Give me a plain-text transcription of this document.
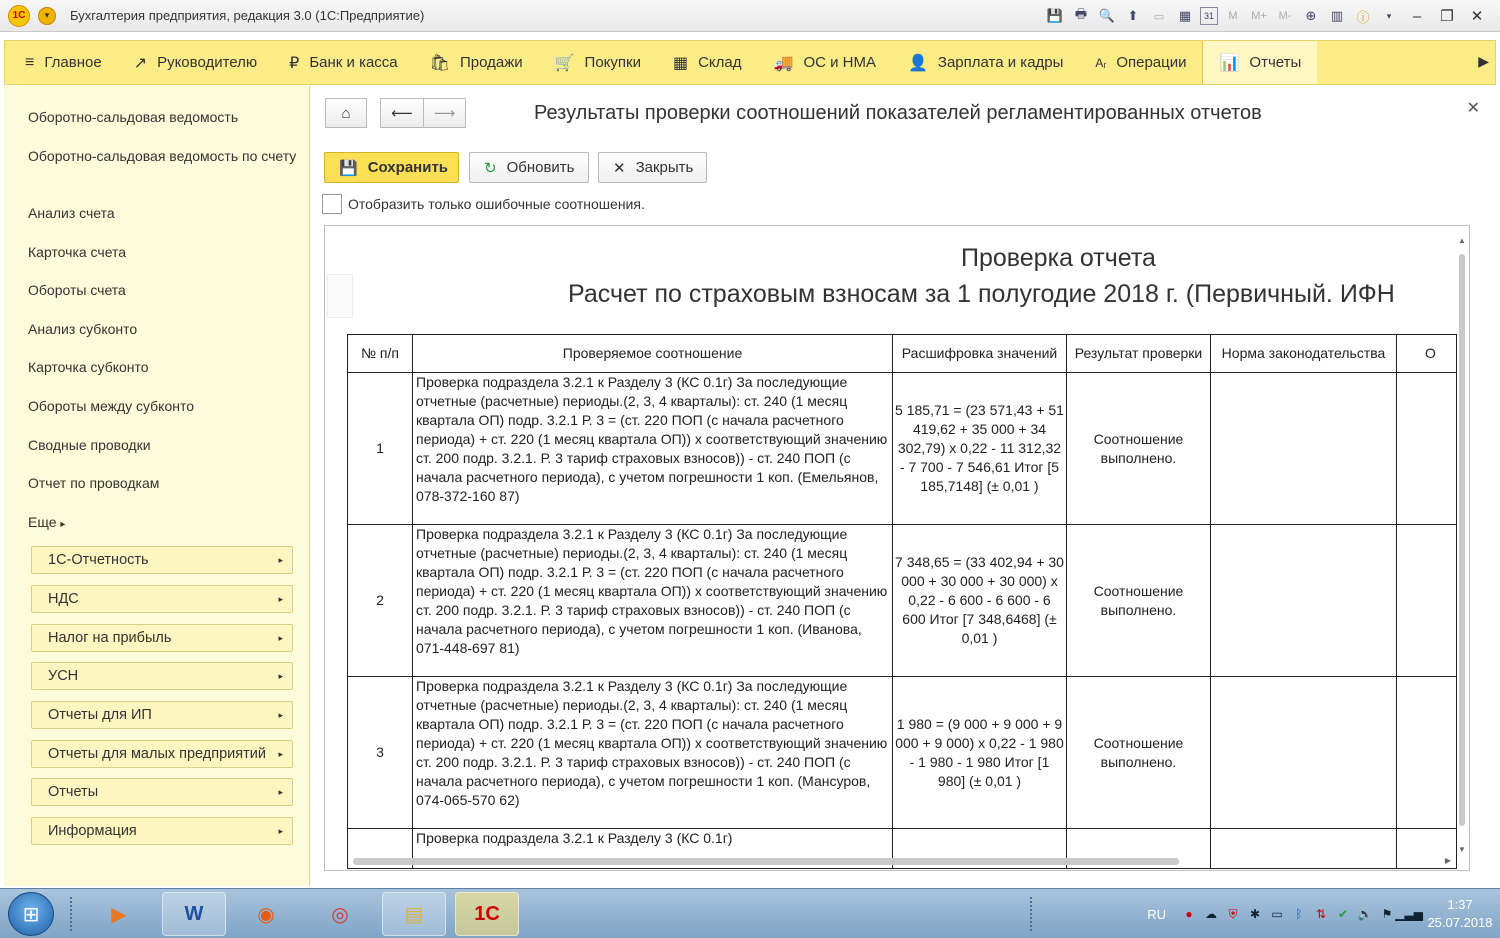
1С	▾	Бухгалтерия предприятия, редакция 3.0 (1С:Предприятие)	💾 🖶 🔍 ⬆	▭	▦	31	M	M+	M-	⊕	▥	ⓘ	▾	–	❐	✕
≡ Главное ↗ Руководителю ₽ Банк и касса 🛍 Продажи 🛒 Покупки ▦ Склад 🚚 ОС и НМА 👤 Зарплата и кадры	Aᵣ Операции 📊 Отчеты	▶
Оборотно-сальдовая ведомость
Оборотно-сальдовая ведомость по счету
Анализ счета
Карточка счета
Обороты счета
Анализ субконто
Карточка субконто
Обороты между субконто
Сводные проводки
Отчет по проводкам
Еще ▸
1С-Отчетность	▸
НДС	▸
Налог на прибыль	▸
УСН	▸
Отчеты для ИП	▸
Отчеты для малых предприятий ▸
Отчеты	▸
Информация	▸
⌂	⟵ ⟶	Результаты проверки соотношений показателей регламентированных отчетов	✕
💾 Сохранить ↻ Обновить	✕ Закрыть
Отобразить только ошибочные соотношения.
Проверка отчета
Расчет по страховым взносам за 1 полугодие 2018 г. (Первичный. ИФН
№ п/п	Проверяемое соотношение	Расшифровка значений	Результат проверки	Норма законодательства	О
1	Проверка подраздела 3.2.1 к Разделу 3 (КС 0.1г) За последующие отчетные (расчетные) периоды.(2, 3, 4 кварталы): ст. 240 (1 месяц квартала ОП) подр. 3.2.1 Р. 3 = (ст. 220 ПОП (с начала расчетного периода) + ст. 220 (1 месяц квартала ОП)) x соответствующий значению ст. 200 подр. 3.2.1. Р. 3 тариф страховых взносов)) - ст. 240 ПОП (с начала расчетного периода), с учетом погрешности 1 коп. (Емельянов, 078-372-160 87)	5 185,71 = (23 571,43 + 51 419,62 + 35 000 + 34 302,79) x 0,22 - 11 312,32 - 7 700 - 7 546,61 Итог [5 185,7148] (± 0,01 )	Соотношение выполнено.		
2	Проверка подраздела 3.2.1 к Разделу 3 (КС 0.1г) За последующие отчетные (расчетные) периоды.(2, 3, 4 кварталы): ст. 240 (1 месяц квартала ОП) подр. 3.2.1 Р. 3 = (ст. 220 ПОП (с начала расчетного периода) + ст. 220 (1 месяц квартала ОП)) x соответствующий значению ст. 200 подр. 3.2.1. Р. 3 тариф страховых взносов)) - ст. 240 ПОП (с начала расчетного периода), с учетом погрешности 1 коп. (Иванова, 071-448-697 81)	7 348,65 = (33 402,94 + 30 000 + 30 000 + 30 000) x 0,22 - 6 600 - 6 600 - 6 600 Итог [7 348,6468] (± 0,01 )	Соотношение выполнено.		
3	Проверка подраздела 3.2.1 к Разделу 3 (КС 0.1г) За последующие отчетные (расчетные) периоды.(2, 3, 4 кварталы): ст. 240 (1 месяц квартала ОП) подр. 3.2.1 Р. 3 = (ст. 220 ПОП (с начала расчетного периода) + ст. 220 (1 месяц квартала ОП)) x соответствующий значению ст. 200 подр. 3.2.1. Р. 3 тариф страховых взносов)) - ст. 240 ПОП (с начала расчетного периода), с учетом погрешности 1 коп. (Мансуров, 074-065-570 62)	1 980 = (9 000 + 9 000 + 9 000 + 9 000) x 0,22 - 1 980 - 1 980 - 1 980 Итог [1 980] (± 0,01 )	Соотношение выполнено.		
	Проверка подраздела 3.2.1 к Разделу 3 (КС 0.1г)				
▲
▼
▶
⊞	▶	W	◉	◎	▤	1С	RU	●	☁ ⛨	✱ ▭	ᛒ	⇅ ✔ 🔈 ⚑ ▁▃▅
1:37
25.07.2018
